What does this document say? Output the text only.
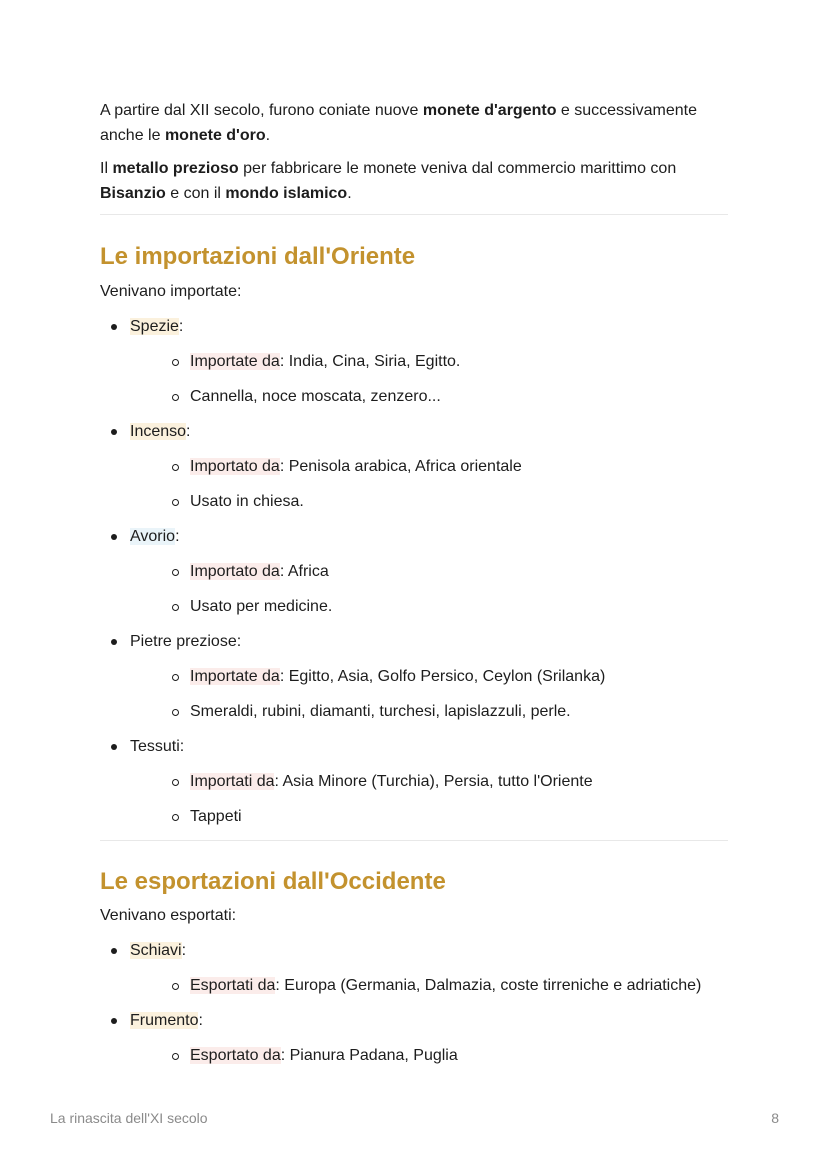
A partire dal XII secolo, furono coniate nuove monete d'argento e successivamente anche le monete d'oro.

Il metallo prezioso per fabbricare le monete veniva dal commercio marittimo con Bisanzio e con il mondo islamico.

Le importazioni dall'Oriente

Venivano importate:

Spezie:
Importate da: India, Cina, Siria, Egitto.
Cannella, noce moscata, zenzero...
Incenso:
Importato da: Penisola arabica, Africa orientale
Usato in chiesa.
Avorio:
Importato da: Africa
Usato per medicine.
Pietre preziose:
Importate da: Egitto, Asia, Golfo Persico, Ceylon (Srilanka)
Smeraldi, rubini, diamanti, turchesi, lapislazzuli, perle.
Tessuti:
Importati da: Asia Minore (Turchia), Persia, tutto l'Oriente
Tappeti
Le esportazioni dall'Occidente

Venivano esportati:

Schiavi:
Esportati da: Europa (Germania, Dalmazia, coste tirreniche e adriatiche)
Frumento:
Esportato da: Pianura Padana, Puglia
La rinascita dell'XI secolo	8
